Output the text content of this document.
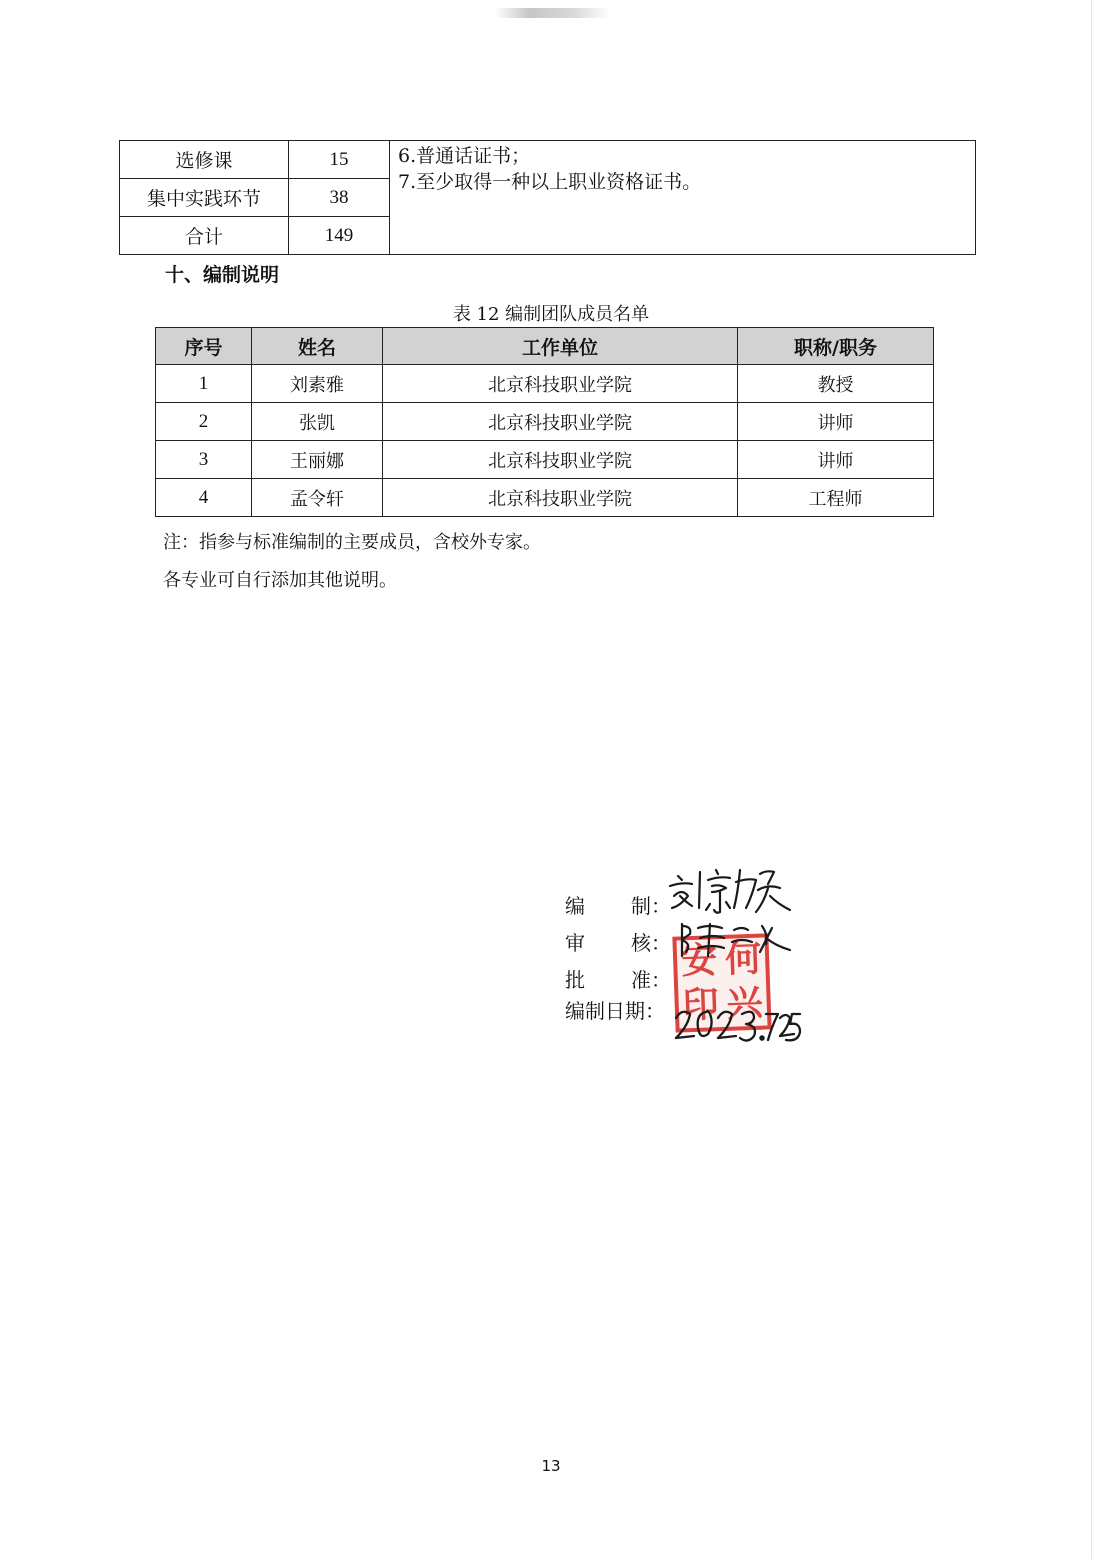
选修课	15	6.普通话证书；
7.至少取得一种以上职业资格证书。

集中实践环节	38	
合计	149	
十、编制说明
表 12 编制团队成员名单
序号	姓名	工作单位	职称/职务
1	刘素雅	北京科技职业学院	教授
2	张凯	北京科技职业学院	讲师
3	王丽娜	北京科技职业学院	讲师
4	孟令轩	北京科技职业学院	工程师
注：指参与标准编制的主要成员，含校外专家。
各专业可自行添加其他说明。
编 制：
审 核：
批 准：
编制日期：
安 何
印 兴
13
